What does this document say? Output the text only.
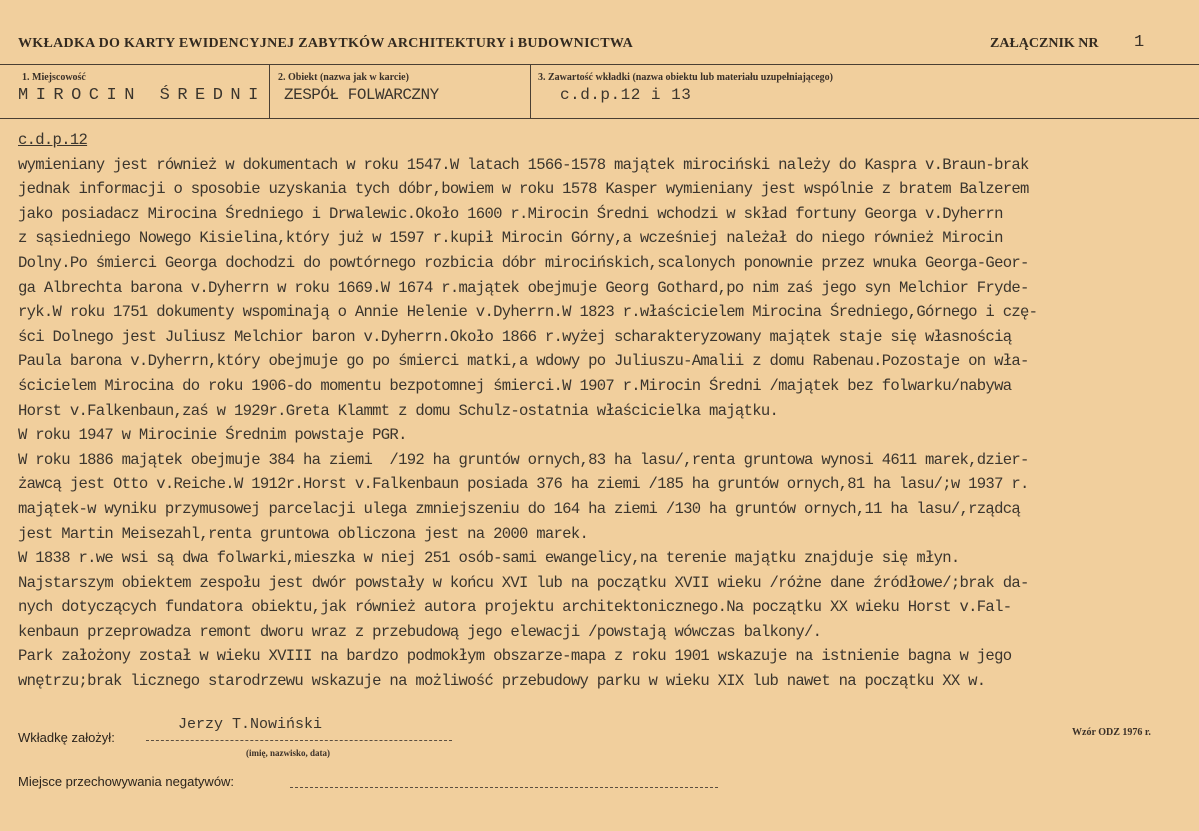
WKŁADKA DO KARTY EWIDENCYJNEJ ZABYTKÓW ARCHITEKTURY i BUDOWNICTWA	ZAŁĄCZNIK NR 1
1. Miejscowość
MIROCIN ŚREDNI
2. Obiekt (nazwa jak w karcie)
ZESPÓŁ FOLWARCZNY
3. Zawartość wkładki (nazwa obiektu lub materiału uzupełniającego)
c.d.p.12 i 13
c.d.p.12
wymieniany jest również w dokumentach w roku 1547.W latach 1566-1578 majątek mirociński należy do Kaspra v.Braun-brak
jednak informacji o sposobie uzyskania tych dóbr,bowiem w roku 1578 Kasper wymieniany jest wspólnie z bratem Balzerem
jako posiadacz Mirocina Średniego i Drwalewic.Około 1600 r.Mirocin Średni wchodzi w skład fortuny Georga v.Dyherrn
z sąsiedniego Nowego Kisielina,który już w 1597 r.kupił Mirocin Górny,a wcześniej należał do niego również Mirocin
Dolny.Po śmierci Georga dochodzi do powtórnego rozbicia dóbr mirocińskich,scalonych ponownie przez wnuka Georga-Geor-
ga Albrechta barona v.Dyherrn w roku 1669.W 1674 r.majątek obejmuje Georg Gothard,po nim zaś jego syn Melchior Fryde-
ryk.W roku 1751 dokumenty wspominają o Annie Helenie v.Dyherrn.W 1823 r.właścicielem Mirocina Średniego,Górnego i czę-
ści Dolnego jest Juliusz Melchior baron v.Dyherrn.Około 1866 r.wyżej scharakteryzowany majątek staje się własnością
Paula barona v.Dyherrn,który obejmuje go po śmierci matki,a wdowy po Juliuszu-Amalii z domu Rabenau.Pozostaje on wła-
ścicielem Mirocina do roku 1906-do momentu bezpotomnej śmierci.W 1907 r.Mirocin Średni /majątek bez folwarku/nabywa
Horst v.Falkenbaun,zaś w 1929r.Greta Klammt z domu Schulz-ostatnia właścicielka majątku.
W roku 1947 w Mirocinie Średnim powstaje PGR.
W roku 1886 majątek obejmuje 384 ha ziemi  /192 ha gruntów ornych,83 ha lasu/,renta gruntowa wynosi 4611 marek,dzier-
żawcą jest Otto v.Reiche.W 1912r.Horst v.Falkenbaun posiada 376 ha ziemi /185 ha gruntów ornych,81 ha lasu/;w 1937 r.
majątek-w wyniku przymusowej parcelacji ulega zmniejszeniu do 164 ha ziemi /130 ha gruntów ornych,11 ha lasu/,rządcą
jest Martin Meisezahl,renta gruntowa obliczona jest na 2000 marek.
W 1838 r.we wsi są dwa folwarki,mieszka w niej 251 osób-sami ewangelicy,na terenie majątku znajduje się młyn.
Najstarszym obiektem zespołu jest dwór powstały w końcu XVI lub na początku XVII wieku /różne dane źródłowe/;brak da-
nych dotyczących fundatora obiektu,jak również autora projektu architektonicznego.Na początku XX wieku Horst v.Fal-
kenbaun przeprowadza remont dworu wraz z przebudową jego elewacji /powstają wówczas balkony/.
Park założony został w wieku XVIII na bardzo podmokłym obszarze-mapa z roku 1901 wskazuje na istnienie bagna w jego
wnętrzu;brak licznego starodrzewu wskazuje na możliwość przebudowy parku w wieku XIX lub nawet na początku XX w.
Wkładkę założył:
Jerzy T.Nowiński
(imię, nazwisko, data)
Wzór ODZ 1976 r.
Miejsce przechowywania negatywów:
